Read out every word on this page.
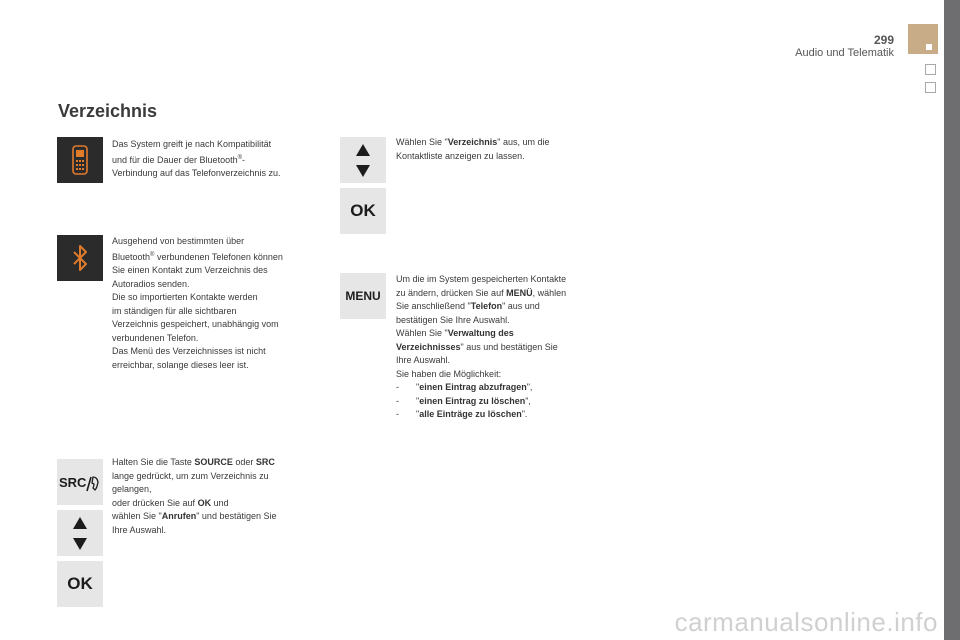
299
Audio und Telematik
Verzeichnis
SRC
OK
OK
MENU

Das System greift je nach Kompatibilität

und für die Dauer der Bluetooth®-

Verbindung auf das Telefonverzeichnis zu.

Ausgehend von bestimmten über

Bluetooth® verbundenen Telefonen können

Sie einen Kontakt zum Verzeichnis des

Autoradios senden.

Die so importierten Kontakte werden

im ständigen für alle sichtbaren

Verzeichnis gespeichert, unabhängig vom

verbundenen Telefon.

Das Menü des Verzeichnisses ist nicht

erreichbar, solange dieses leer ist.

Halten Sie die Taste SOURCE oder SRC

lange gedrückt, um zum Verzeichnis zu

gelangen,

oder drücken Sie auf OK und

wählen Sie "Anrufen" und bestätigen Sie

Ihre Auswahl.

Wählen Sie "Verzeichnis" aus, um die

Kontaktliste anzeigen zu lassen.

Um die im System gespeicherten Kontakte

zu ändern, drücken Sie auf MENÜ, wählen

Sie anschließend "Telefon" aus und

bestätigen Sie Ihre Auswahl.

Wählen Sie "Verwaltung des

Verzeichnisses" aus und bestätigen Sie

Ihre Auswahl.

Sie haben die Möglichkeit:

- "einen Eintrag abzufragen",

- "einen Eintrag zu löschen",

- "alle Einträge zu löschen".

carmanualsonline.info
